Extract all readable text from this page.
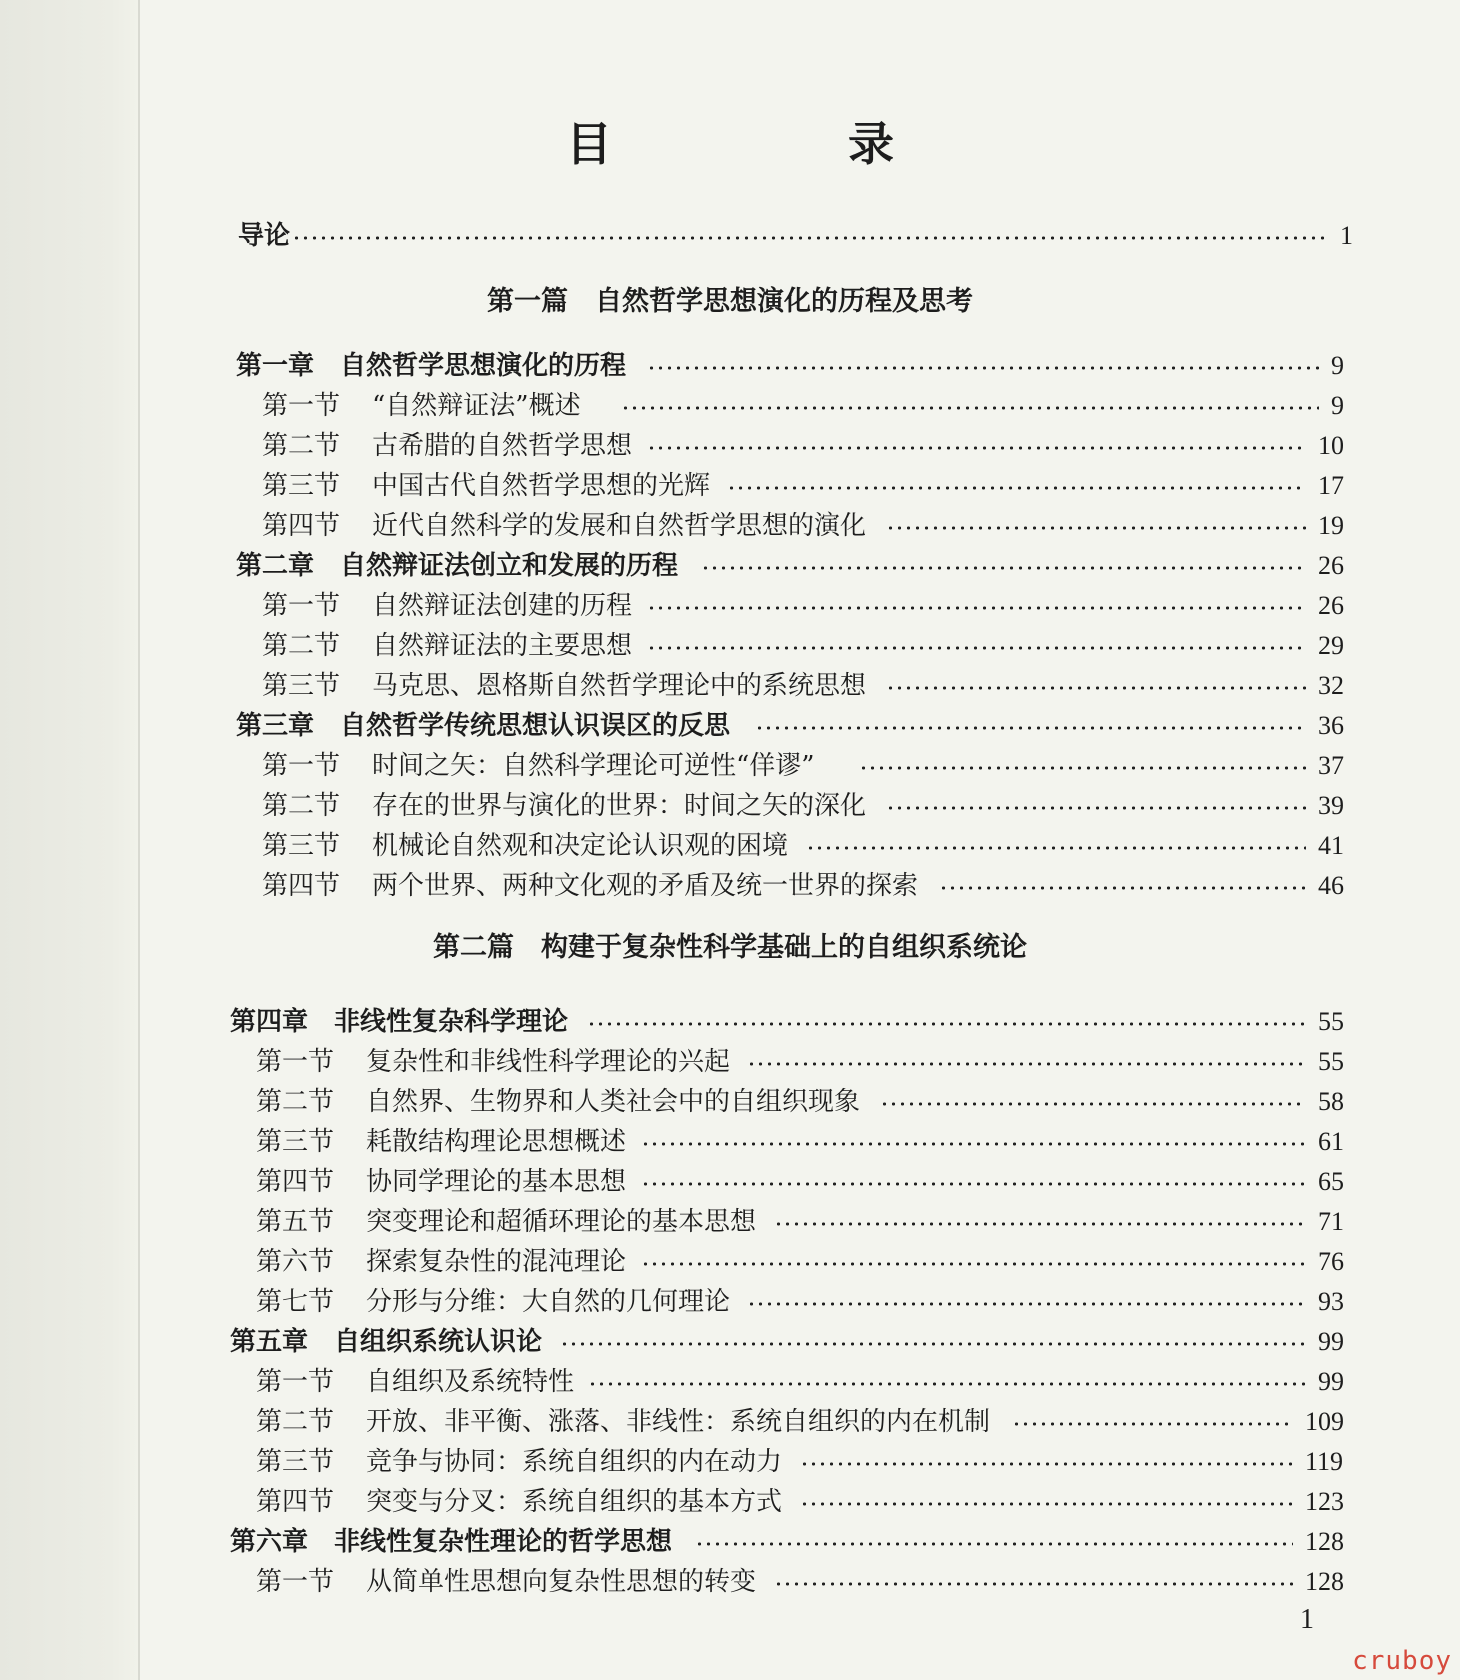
目 录
导论	1
第一篇　自然哲学思想演化的历程及思考
第二篇　构建于复杂性科学基础上的自组织系统论
第一章　自然哲学思想演化的历程	9
第一节 “自然辩证法”概述	9
第二节 古希腊的自然哲学思想	10
第三节 中国古代自然哲学思想的光辉	17
第四节 近代自然科学的发展和自然哲学思想的演化	19
第二章　自然辩证法创立和发展的历程	26
第一节 自然辩证法创建的历程	26
第二节 自然辩证法的主要思想	29
第三节 马克思、恩格斯自然哲学理论中的系统思想	32
第三章　自然哲学传统思想认识误区的反思	36
第一节 时间之矢：自然科学理论可逆性“佯谬”	37
第二节 存在的世界与演化的世界：时间之矢的深化	39
第三节 机械论自然观和决定论认识观的困境	41
第四节 两个世界、两种文化观的矛盾及统一世界的探索	46
第四章　非线性复杂科学理论	55
第一节 复杂性和非线性科学理论的兴起	55
第二节 自然界、生物界和人类社会中的自组织现象	58
第三节 耗散结构理论思想概述	61
第四节 协同学理论的基本思想	65
第五节 突变理论和超循环理论的基本思想	71
第六节 探索复杂性的混沌理论	76
第七节 分形与分维：大自然的几何理论	93
第五章　自组织系统认识论	99
第一节 自组织及系统特性	99
第二节 开放、非平衡、涨落、非线性：系统自组织的内在机制	109
第三节 竞争与协同：系统自组织的内在动力	119
第四节 突变与分叉：系统自组织的基本方式	123
第六章　非线性复杂性理论的哲学思想	128
第一节 从简单性思想向复杂性思想的转变	128
1
cruboy
